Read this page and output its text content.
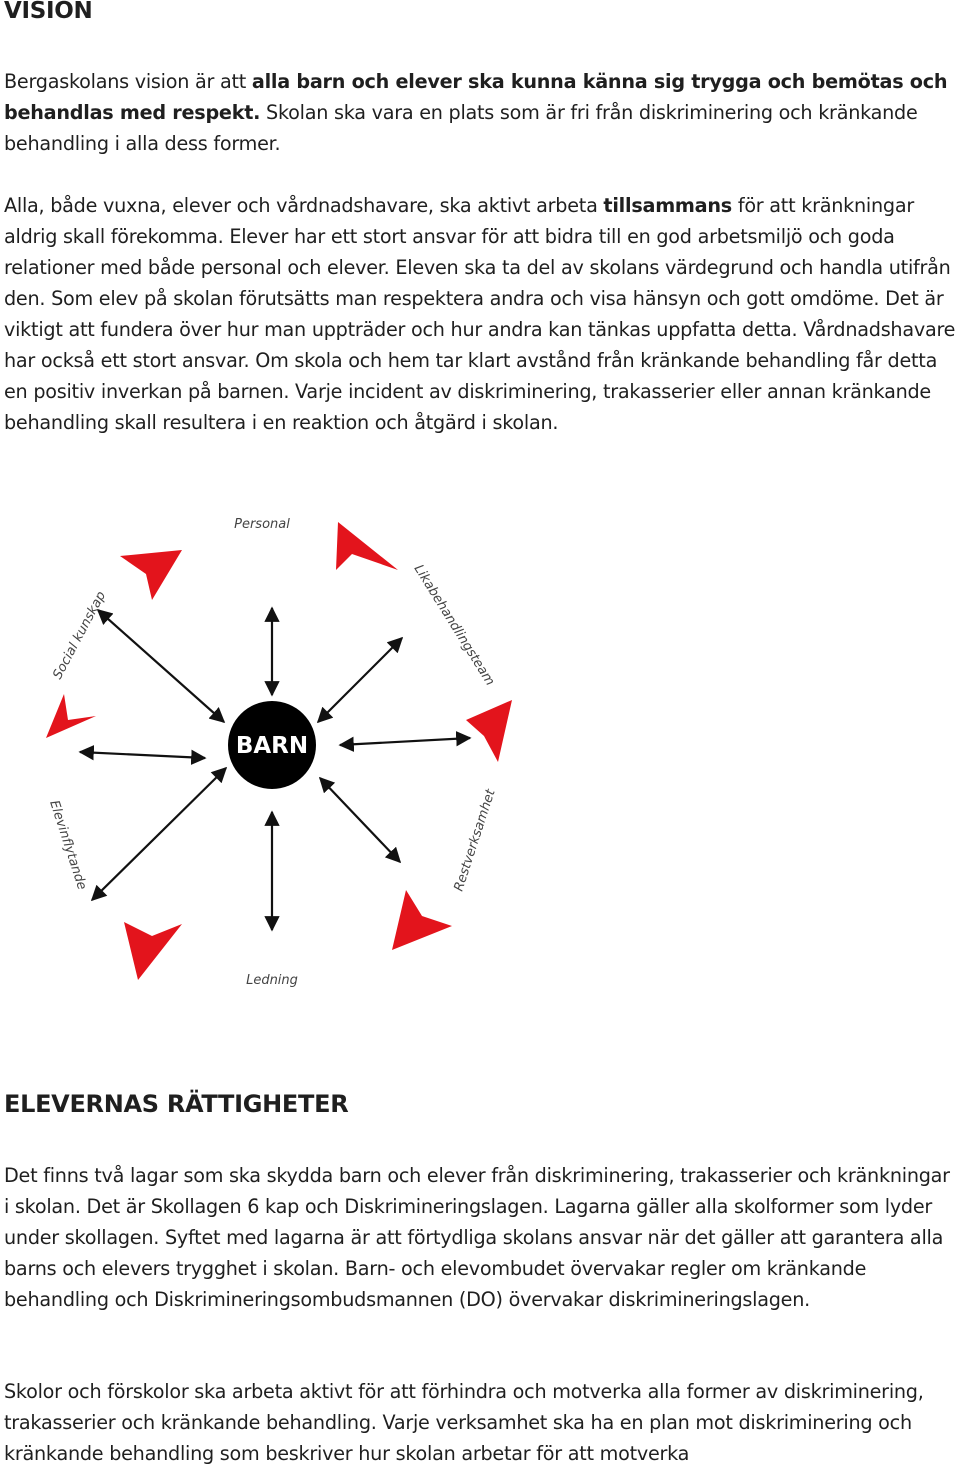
VISION

Bergaskolans vision är att alla barn och elever ska kunna känna sig trygga och bemötas och behandlas med respekt. Skolan ska vara en plats som är fri från diskriminering och kränkande behandling i alla dess former.

Alla, både vuxna, elever och vårdnadshavare, ska aktivt arbeta tillsammans för att kränkningar aldrig skall förekomma. Elever har ett stort ansvar för att bidra till en god arbetsmiljö och goda relationer med både personal och elever. Eleven ska ta del av skolans värdegrund och handla utifrån den. Som elev på skolan förutsätts man respektera andra och visa hänsyn och gott omdöme. Det är viktigt att fundera över hur man uppträder och hur andra kan tänkas uppfatta detta. Vårdnadshavare har också ett stort ansvar. Om skola och hem tar klart avstånd från kränkande behandling får detta en positiv inverkan på barnen. Varje incident av diskriminering, trakasserier eller annan kränkande behandling skall resultera i en reaktion och åtgärd i skolan.

BARN
Personal
Likabehandlingsteam
Restverksamhet
Ledning
Elevinflytande
Social kunskap
ELEVERNAS RÄTTIGHETER

Det finns två lagar som ska skydda barn och elever från diskriminering, trakasserier och kränkningar i skolan. Det är Skollagen 6 kap och Diskrimineringslagen. Lagarna gäller alla skolformer som lyder under skollagen. Syftet med lagarna är att förtydliga skolans ansvar när det gäller att garantera alla barns och elevers trygghet i skolan. Barn- och elevombudet övervakar regler om kränkande behandling och Diskrimineringsombudsmannen (DO) övervakar diskrimineringslagen.

Skolor och förskolor ska arbeta aktivt för att förhindra och motverka alla former av diskriminering, trakasserier och kränkande behandling. Varje verksamhet ska ha en plan mot diskriminering och kränkande behandling som beskriver hur skolan arbetar för att motverka
